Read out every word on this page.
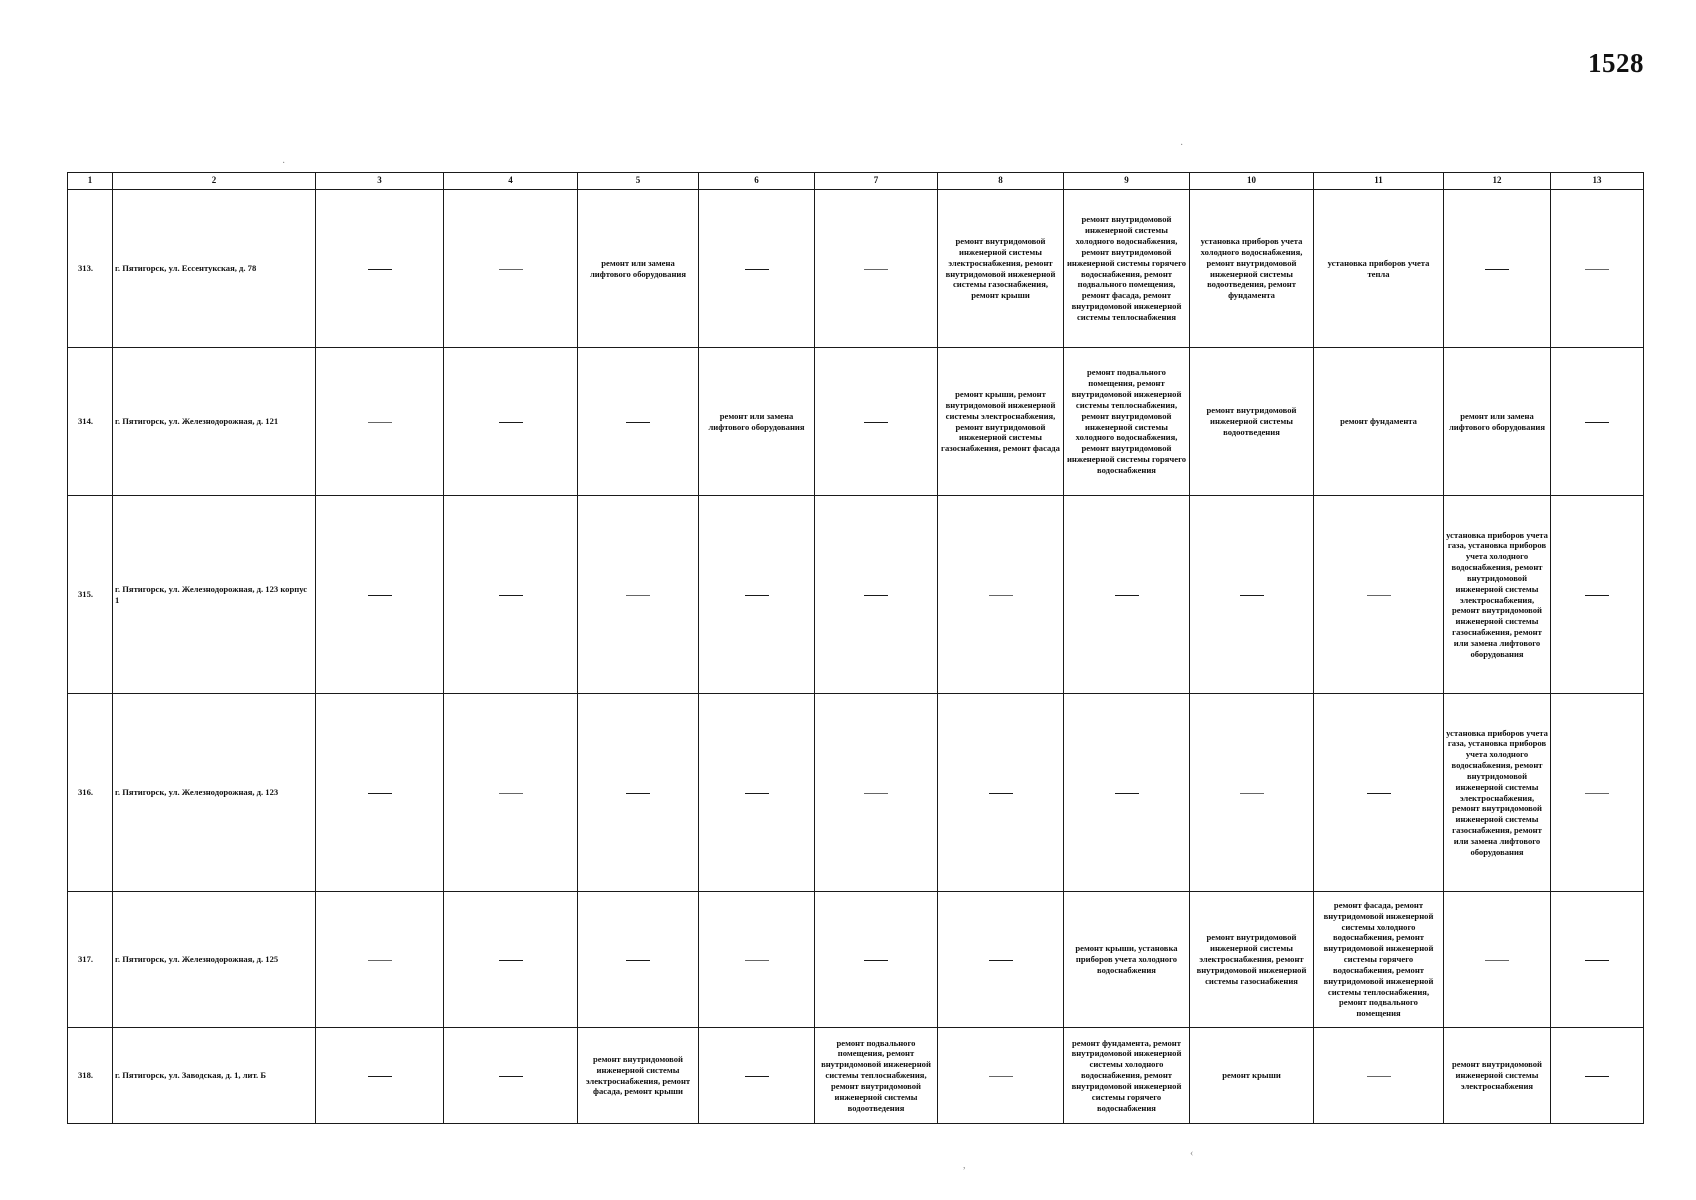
1528
1	2	3	4	5	6	7	8	9	10	11	12	13
313.	г. Пятигорск, ул. Ессентукская, д. 78			ремонт или замена лифтового оборудования			ремонт внутридомовой инженерной системы электроснабжения, ремонт внутридомовой инженерной системы газоснабжения, ремонт крыши	ремонт внутридомовой инженерной системы холодного водоснабжения, ремонт внутридомовой инженерной системы горячего водоснабжения, ремонт подвального помещения, ремонт фасада, ремонт внутридомовой инженерной системы теплоснабжения	установка приборов учета холодного водоснабжения, ремонт внутридомовой инженерной системы водоотведения, ремонт фундамента	установка приборов учета тепла		
314.	г. Пятигорск, ул. Железнодорожная, д. 121				ремонт или замена лифтового оборудования		ремонт крыши, ремонт внутридомовой инженерной системы электроснабжения, ремонт внутридомовой инженерной системы газоснабжения, ремонт фасада	ремонт подвального помещения, ремонт внутридомовой инженерной системы теплоснабжения, ремонт внутридомовой инженерной системы холодного водоснабжения, ремонт внутридомовой инженерной системы горячего водоснабжения	ремонт внутридомовой инженерной системы водоотведения	ремонт фундамента	ремонт или замена лифтового оборудования	
315.	г. Пятигорск, ул. Железнодорожная, д. 123 корпус 1										установка приборов учета газа, установка приборов учета холодного водоснабжения, ремонт внутридомовой инженерной системы электроснабжения, ремонт внутридомовой инженерной системы газоснабжения, ремонт или замена лифтового оборудования	
316.	г. Пятигорск, ул. Железнодорожная, д. 123										установка приборов учета газа, установка приборов учета холодного водоснабжения, ремонт внутридомовой инженерной системы электроснабжения, ремонт внутридомовой инженерной системы газоснабжения, ремонт или замена лифтового оборудования	
317.	г. Пятигорск, ул. Железнодорожная, д. 125							ремонт крыши, установка приборов учета холодного водоснабжения	ремонт внутридомовой инженерной системы электроснабжения, ремонт внутридомовой инженерной системы газоснабжения	ремонт фасада, ремонт внутридомовой инженерной системы холодного водоснабжения, ремонт внутридомовой инженерной системы горячего водоснабжения, ремонт внутридомовой инженерной системы теплоснабжения, ремонт подвального помещения		
318.	г. Пятигорск, ул. Заводская, д. 1, лит. Б			ремонт внутридомовой инженерной системы электроснабжения, ремонт фасада, ремонт крыши		ремонт подвального помещения, ремонт внутридомовой инженерной системы теплоснабжения, ремонт внутридомовой инженерной системы водоотведения		ремонт фундамента, ремонт внутридомовой инженерной системы холодного водоснабжения, ремонт внутридомовой инженерной системы горячего водоснабжения	ремонт крыши		ремонт внутридомовой инженерной системы электроснабжения	
·
·
,
‹
